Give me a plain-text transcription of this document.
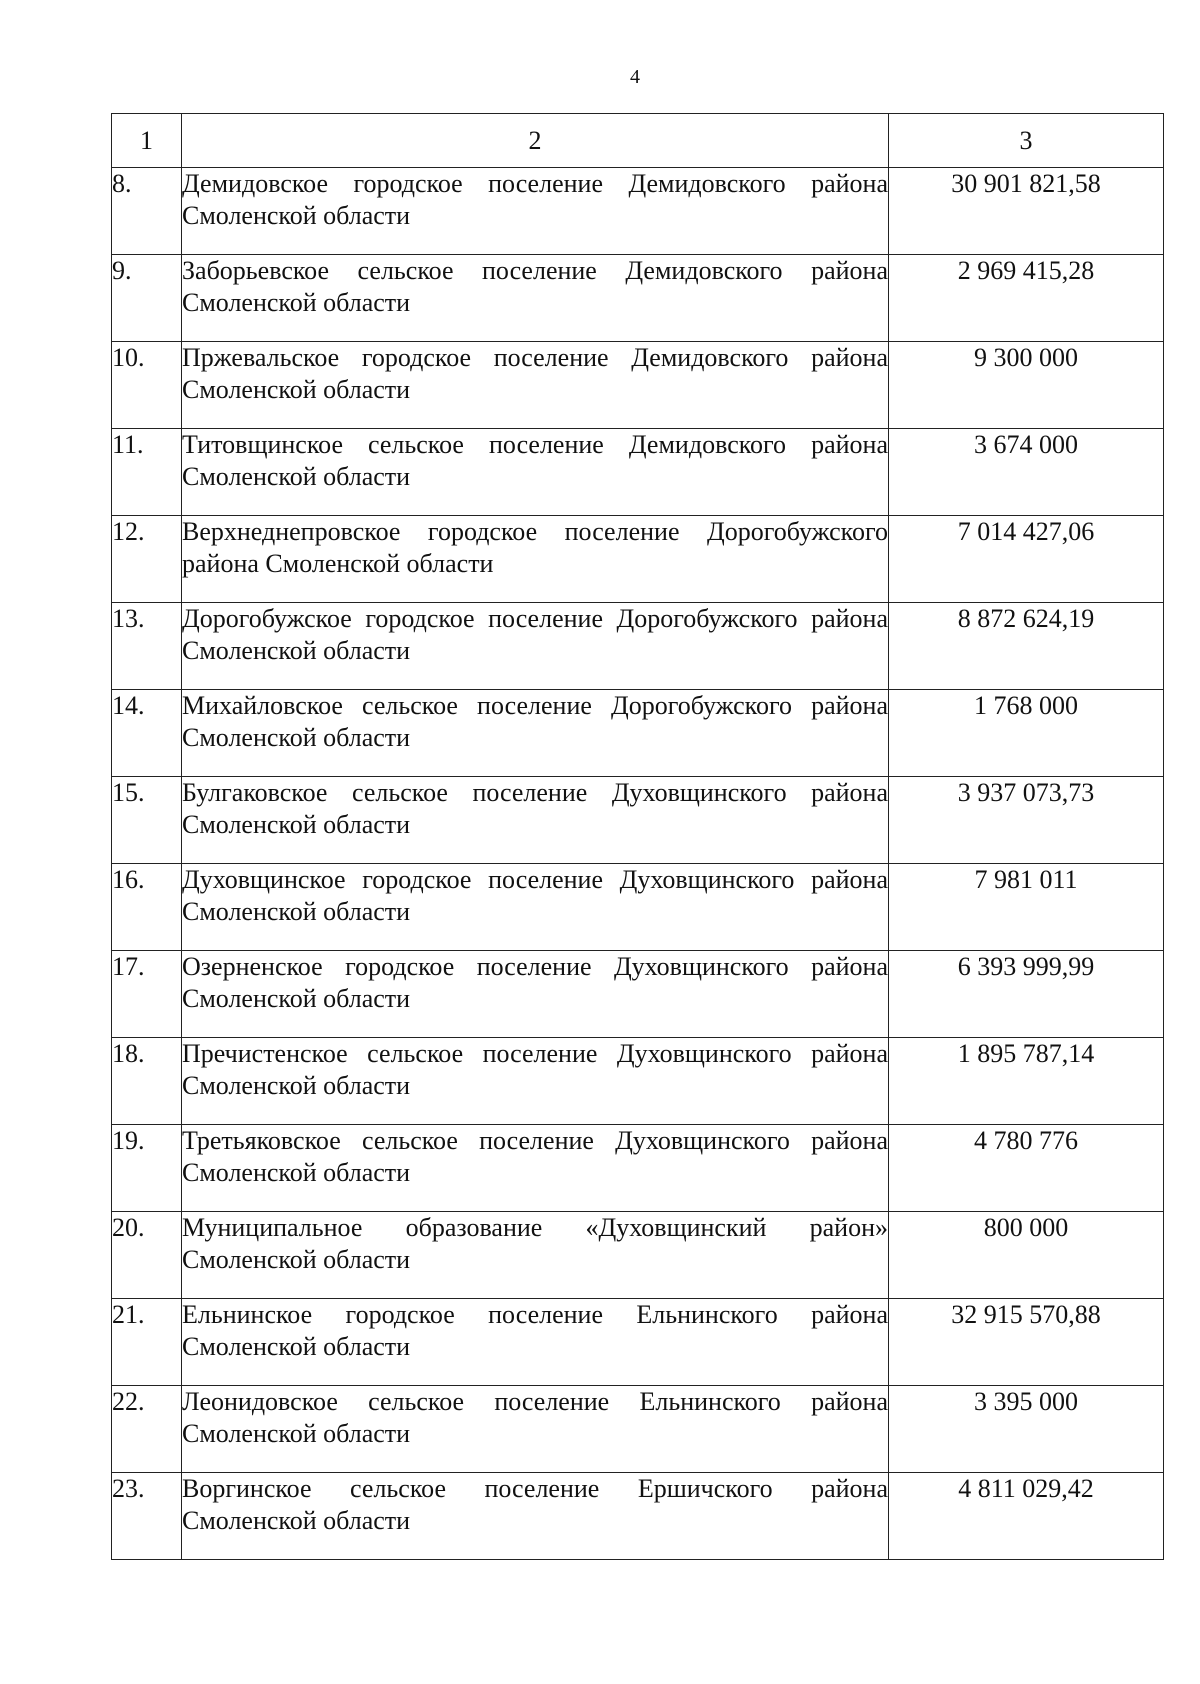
4
1	2	3
8.	Демидовское городское поселение Демидовского района Смоленской области	30 901 821,58
9.	Заборьевское сельское поселение Демидовского района Смоленской области	2 969 415,28
10.	Пржевальское городское поселение Демидовского района Смоленской области	9 300 000
11.	Титовщинское сельское поселение Демидовского района Смоленской области	3 674 000
12.	Верхнеднепровское городское поселение Дорогобужского района Смоленской области	7 014 427,06
13.	Дорогобужское городское поселение Дорогобужского района Смоленской области	8 872 624,19
14.	Михайловское сельское поселение Дорогобужского района Смоленской области	1 768 000
15.	Булгаковское сельское поселение Духовщинского района Смоленской области	3 937 073,73
16.	Духовщинское городское поселение Духовщинского района Смоленской области	7 981 011
17.	Озерненское городское поселение Духовщинского района Смоленской области	6 393 999,99
18.	Пречистенское сельское поселение Духовщинского района Смоленской области	1 895 787,14
19.	Третьяковское сельское поселение Духовщинского района Смоленской области	4 780 776
20.	Муниципальное образование «Духовщинский район» Смоленской области	800 000
21.	Ельнинское городское поселение Ельнинского района Смоленской области	32 915 570,88
22.	Леонидовское сельское поселение Ельнинского района Смоленской области	3 395 000
23.	Воргинское сельское поселение Ершичского района Смоленской области	4 811 029,42
